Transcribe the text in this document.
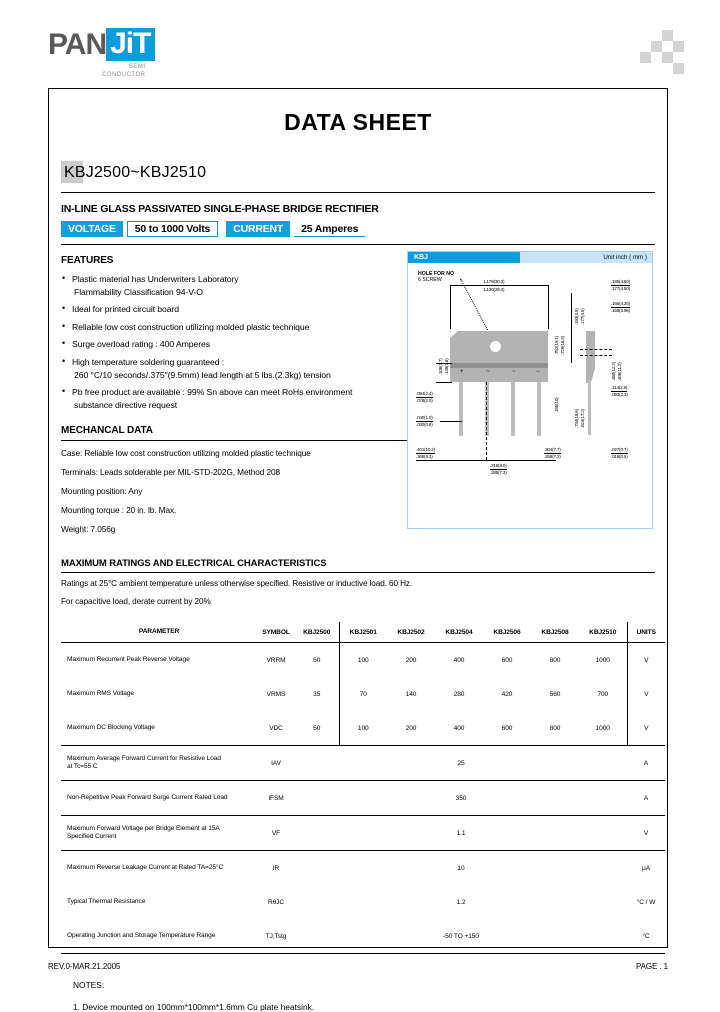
PAN JiT
SEMI
CONDUCTOR
DATA SHEET
KBJ2500~KBJ2510
IN-LINE GLASS PASSIVATED SINGLE-PHASE BRIDGE RECTIFIER
VOLTAGE	50 to 1000 Volts	CURRENT	25 Amperes
FEATURES
• Plastic material has Underwriters Laboratory
Flammability Classification 94-V-O
• Ideal for printed circuit board
• Reliable low cost construction utilizing molded plastic technique
• Surge overload rating : 400 Amperes
• High temperature soldering guaranteed :
260 °C/10 seconds/.375"(9.5mm) lead length at 5 lbs.(2.3kg) tension
• Pb free product are available : 99% Sn above can meet RoHs environment
substance directive request
MECHANCAL DATA
Case: Reliable low cost construction utilizing molded plastic technique
Terminals: Leads solderable per MIL-STD-202G, Method 208
Mounting position: Any
Mounting torque : 20 in. lb. Max.
Weight: 7.056g
KBJ	Unit inch ( mm )
HOLE FOR NO
6 SCREW	1.179(30.3)
1.130(29.4)
+	~	~	−
.106(2.7) .149(3.8)
.094(2.4)
.078(2.0)
.040(1.0)
.030(0.8)
.185(10)
.401(10.2)
.365(9.3)
.315(8.0)
.285(7.3)
.304(7.7)
.258(7.3)
.752(19.1) .725(18.4)
.193(4.9) .177(4.5)
.185(4.50)
.177(4.50)
.166(4.26)
.156(3.96)
.480(12.2) .406(11.2)
.114(2.9)
.093(2.3)
.027(0.7)
.019(0.5)
.734(18.6) .624(17.2)
MAXIMUM RATINGS AND ELECTRICAL CHARACTERISTICS
Ratings at 25°C ambient temperature unless otherwise specified. Resistive or inductive load. 60 Hz.
For capacitive load, derate current by 20%
PARAMETER	SYMBOL	KBJ2500	KBJ2501	KBJ2502	KBJ2504	KBJ2506	KBJ2508	KBJ2510	UNITS
Maximum Recurrent Peak Reverse Voltage	VRRM	50	100	200	400	600	800	1000	V
Maximum RMS Voltage	VRMS	35	70	140	280	420	560	700	V
Maximum DC Blocking Voltage	VDC	50	100	200	400	600	800	1000	V
Maximum Average Forward Current for Resistive Load
at Tc=55 C	IAV	25							A
Non-Repetitive Peak Forward Surge Current Rated Load	IFSM	350							A
Maximum Forward Voltage per Bridge Element at 15A
Specified Current	VF	1.1							V
Maximum Reverse Leakage Current at Rated TA=25°C	IR	10							μA
Typical Thermal Resistance	RθJC	1.2							°C / W
Operating Junction and Storage Temperature Range	TJ,Tstg	-50 TO +150							°C
NOTES:
1. Device mounted on 100mm*100mm*1.6mm Cu plate heatsink.
REV.0-MAR.21.2005	PAGE . 1
